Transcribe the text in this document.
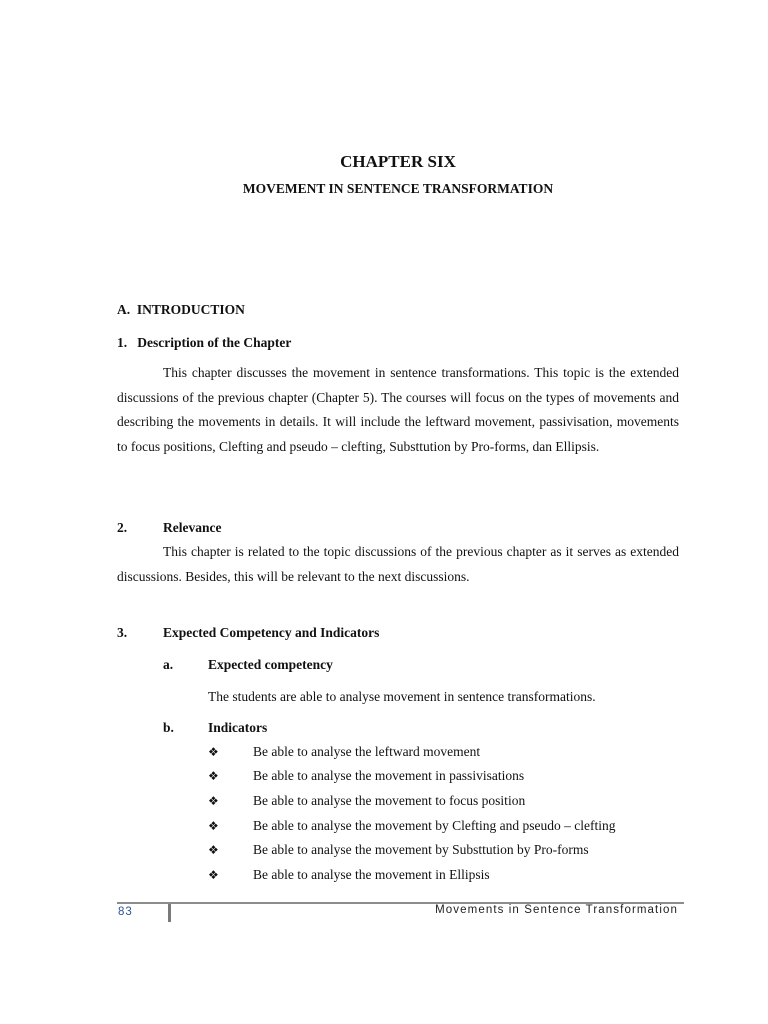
CHAPTER SIX
MOVEMENT IN SENTENCE TRANSFORMATION
A.  INTRODUCTION
1.   Description of the Chapter
This chapter discusses the movement in sentence transformations. This topic is the extended discussions of the previous chapter (Chapter 5). The courses will focus on the types of movements and describing the movements in details. It will include the leftward movement, passivisation, movements to focus positions, Clefting and pseudo – clefting, Substtution by Pro-forms, dan Ellipsis.
2.	Relevance
This chapter is related to the topic discussions of the previous chapter as it serves as extended discussions. Besides, this will be relevant to the next discussions.
3.	Expected Competency and Indicators
a.	Expected competency
The students are able to analyse movement in sentence transformations.
b.	Indicators
❖	Be able to analyse the leftward movement
❖	Be able to analyse the movement in passivisations
❖	Be able to analyse the movement to focus position
❖	Be able to analyse the movement by Clefting and pseudo – clefting
❖	Be able to analyse the movement by Substtution by Pro-forms
❖	Be able to analyse the movement in Ellipsis
83	Movements in Sentence Transformation
